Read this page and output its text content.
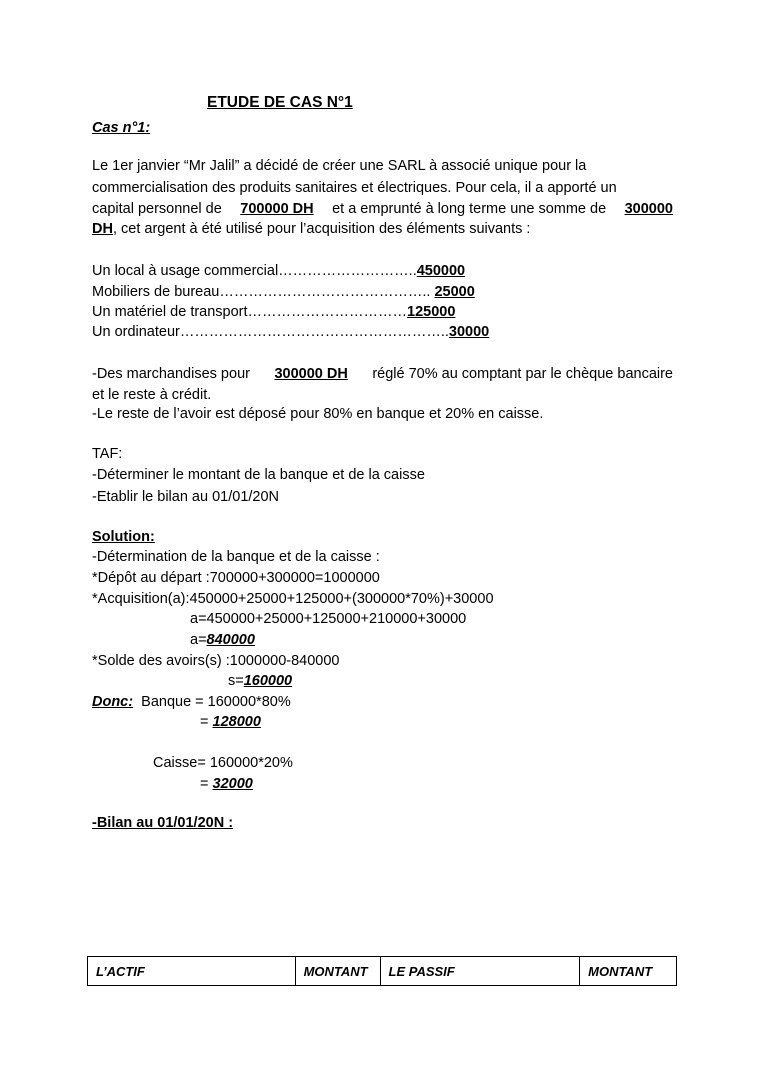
ETUDE DE CAS N°1
Cas n°1:
Le 1er janvier “Mr Jalil” a décidé de créer une SARL à associé unique pour la
commercialisation des produits sanitaires et électriques. Pour cela, il a apporté un
capital personnel de 700000 DH et a emprunté à long terme une somme de 300000
DH, cet argent à été utilisé pour l’acquisition des éléments suivants :
Un local à usage commercial………………………..450000
Mobiliers de bureau…………………………………….. 25000
Un matériel de transport……………………………125000
Un ordinateur………………………………………………..30000
-Des marchandises pour 300000 DH réglé 70% au comptant par le chèque bancaire
et le reste à crédit.
-Le reste de l’avoir est déposé pour 80% en banque et 20% en caisse.
TAF:
-Déterminer le montant de la banque et de la caisse
-Etablir le bilan au 01/01/20N
Solution:
-Détermination de la banque et de la caisse :
*Dépôt au départ :700000+300000=1000000
*Acquisition(a):450000+25000+125000+(300000*70%)+30000
a=450000+25000+125000+210000+30000
a=840000
*Solde des avoirs(s) :1000000-840000
s=160000
Donc: Banque = 160000*80%
= 128000
Caisse= 160000*20%
= 32000
-Bilan au 01/01/20N :
L’ACTIF	MONTANT	LE PASSIF	MONTANT
